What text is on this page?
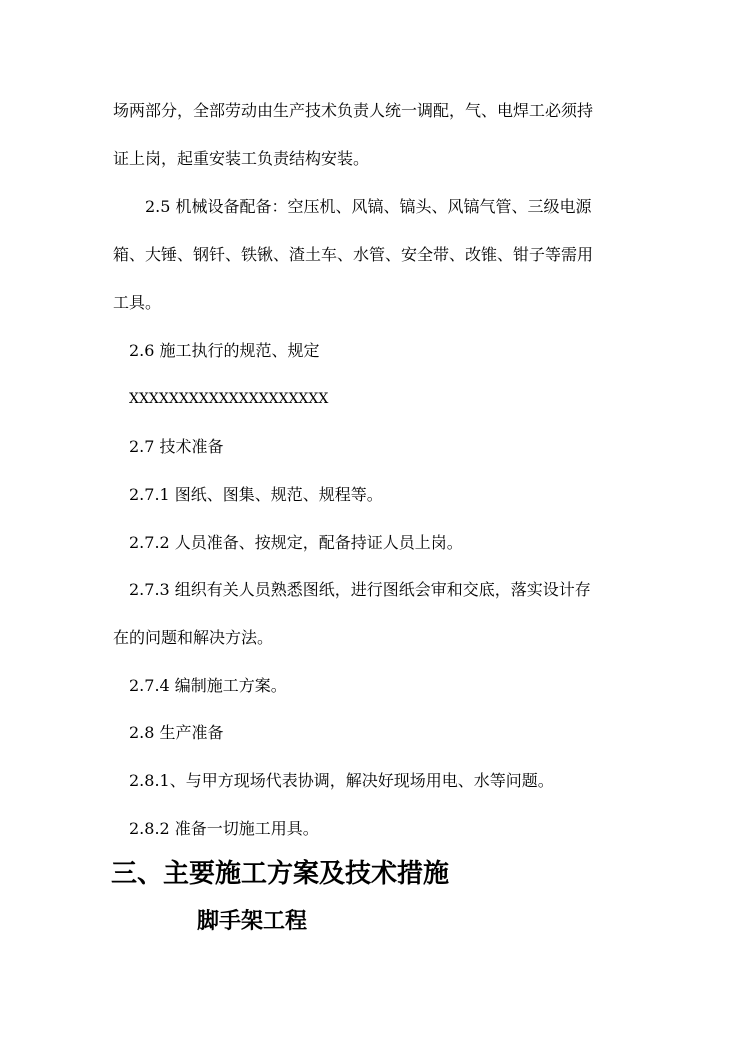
场两部分，全部劳动由生产技术负责人统一调配，气、电焊工必须持
证上岗，起重安装工负责结构安装。
2.5 机械设备配备：空压机、风镐、镐头、风镐气管、三级电源
箱、大锤、钢钎、铁锹、渣土车、水管、安全带、改锥、钳子等需用
工具。
2.6 施工执行的规范、规定
XXXXXXXXXXXXXXXXXXXX
2.7 技术准备
2.7.1 图纸、图集、规范、规程等。
2.7.2 人员准备、按规定，配备持证人员上岗。
2.7.3 组织有关人员熟悉图纸，进行图纸会审和交底，落实设计存
在的问题和解决方法。
2.7.4 编制施工方案。
2.8 生产准备
2.8.1、与甲方现场代表协调，解决好现场用电、水等问题。
2.8.2 准备一切施工用具。
三、主要施工方案及技术措施
脚手架工程
